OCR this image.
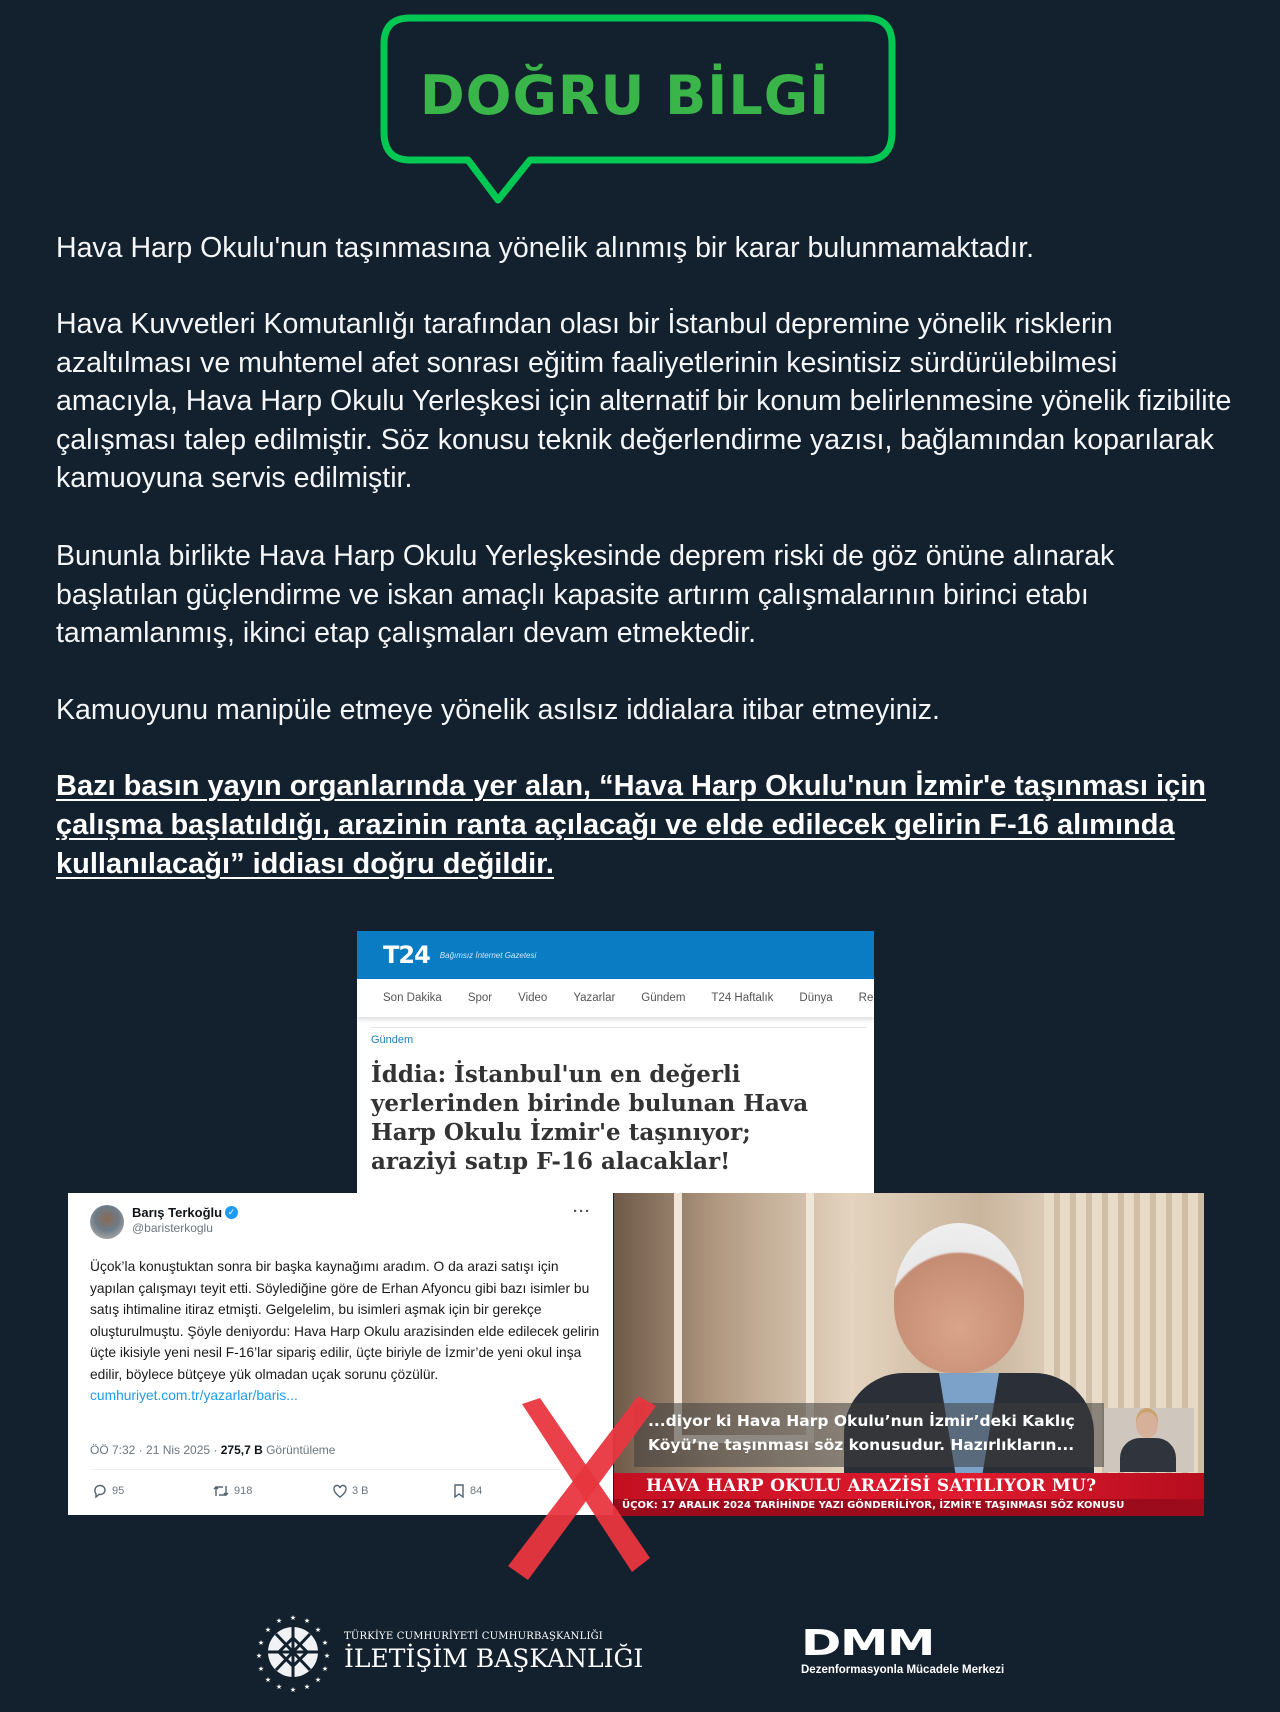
DOĞRU BİLGİ

Hava Harp Okulu'nun taşınmasına yönelik alınmış bir karar bulunmamaktadır.

Hava Kuvvetleri Komutanlığı tarafından olası bir İstanbul depremine yönelik risklerin azaltılması ve muhtemel afet sonrası eğitim faaliyetlerinin kesintisiz sürdürülebilmesi amacıyla, Hava Harp Okulu Yerleşkesi için alternatif bir konum belirlenmesine yönelik fizibilite çalışması talep edilmiştir. Söz konusu teknik değerlendirme yazısı, bağlamından koparılarak kamuoyuna servis edilmiştir.

Bununla birlikte Hava Harp Okulu Yerleşkesinde deprem riski de göz önüne alınarak başlatılan güçlendirme ve iskan amaçlı kapasite artırım çalışmalarının birinci etabı tamamlanmış, ikinci etap çalışmaları devam etmektedir.

Kamuoyunu manipüle etmeye yönelik asılsız iddialara itibar etmeyiniz.

Bazı basın yayın organlarında yer alan, “Hava Harp Okulu'nun İzmir'e taşınması için çalışma başlatıldığı, arazinin ranta açılacağı ve elde edilecek gelirin F-16 alımında kullanılacağı” iddiası doğru değildir.

T24 Bağımsız İnternet Gazetesi
Son Dakika Spor Video Yazarlar Gündem T24 Haftalık Dünya Re
Gündem
İddia: İstanbul'un en değerli yerlerinden birinde bulunan Hava Harp Okulu İzmir'e taşınıyor; araziyi satıp F-16 alacaklar!
Barış Terkoğlu ✓
@baristerkoglu
···
Üçok’la konuştuktan sonra bir başka kaynağımı aradım. O da arazi satışı için yapılan çalışmayı teyit etti. Söylediğine göre de Erhan Afyoncu gibi bazı isimler bu satış ihtimaline itiraz etmişti. Gelgelelim, bu isimleri aşmak için bir gerekçe oluşturulmuştu. Şöyle deniyordu: Hava Harp Okulu arazisinden elde edilecek gelirin üçte ikisiyle yeni nesil F-16’lar sipariş edilir, üçte biriyle de İzmir’de yeni okul inşa edilir, böylece bütçeye yük olmadan uçak sorunu çözülür.
cumhuriyet.com.tr/yazarlar/baris...
ÖÖ 7:32 · 21 Nis 2025 · 275,7 B Görüntüleme
95	918	3 B	84
...diyor ki Hava Harp Okulu’nun İzmir’deki Kaklıç Köyü’ne taşınması söz konusudur. Hazırlıkların...
HAVA HARP OKULU ARAZİSİ SATILIYOR MU?
ÜÇOK: 17 ARALIK 2024 TARİHİNDE YAZI GÖNDERİLİYOR, İZMİR'E TAŞINMASI SÖZ KONUSU
★
★	★
★	★
★	★
★	★
★	★
★	★
★	★
★
TÜRKİYE CUMHURİYETİ CUMHURBAŞKANLIĞI
İLETİŞİM BAŞKANLIĞI	DMM
Dezenformasyonla Mücadele Merkezi
